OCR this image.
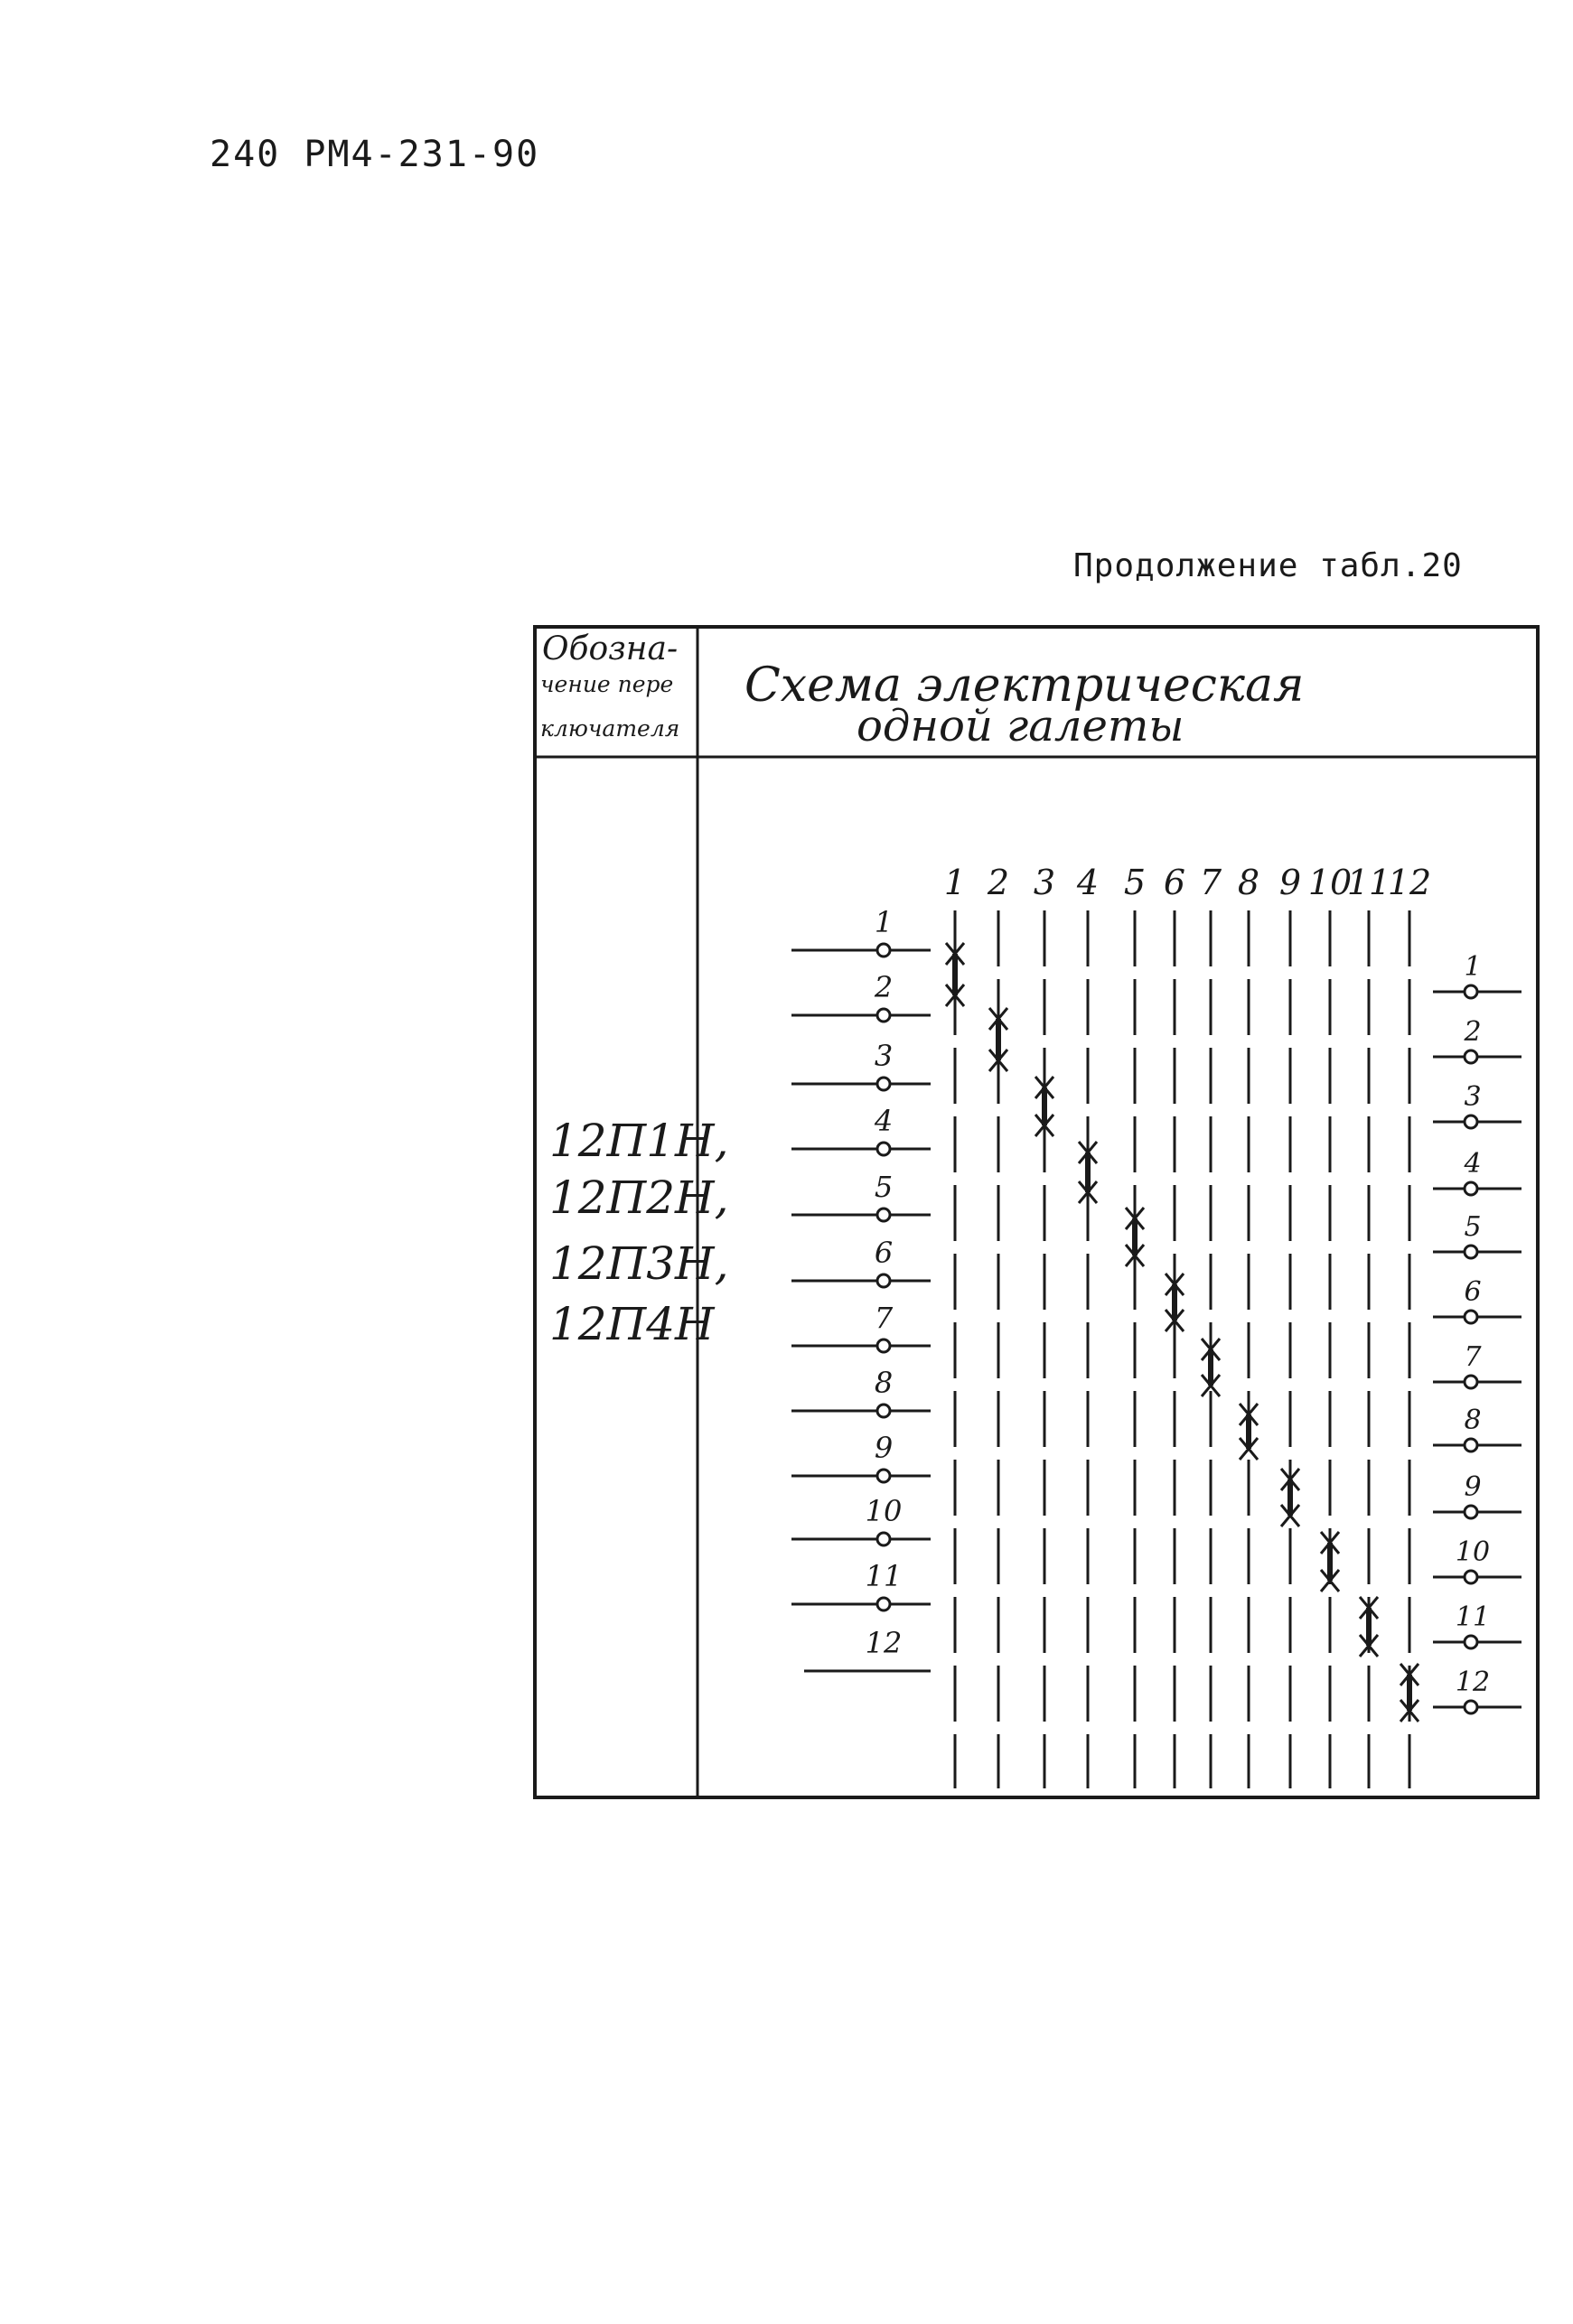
240 РМ4-231-90
Продолжение табл.20
Обозна-
чение пере
ключателя
Схема электрическая
одной галеты
12П1Н,
12П2Н,
12П3Н,
12П4Н
1 2 3 4 5 6 7 8 9 10
11
12
1
2
3
4
5
6
7
8
9
10
11
12
1
2
3
4
5
6
7
8
9
10
11
12
